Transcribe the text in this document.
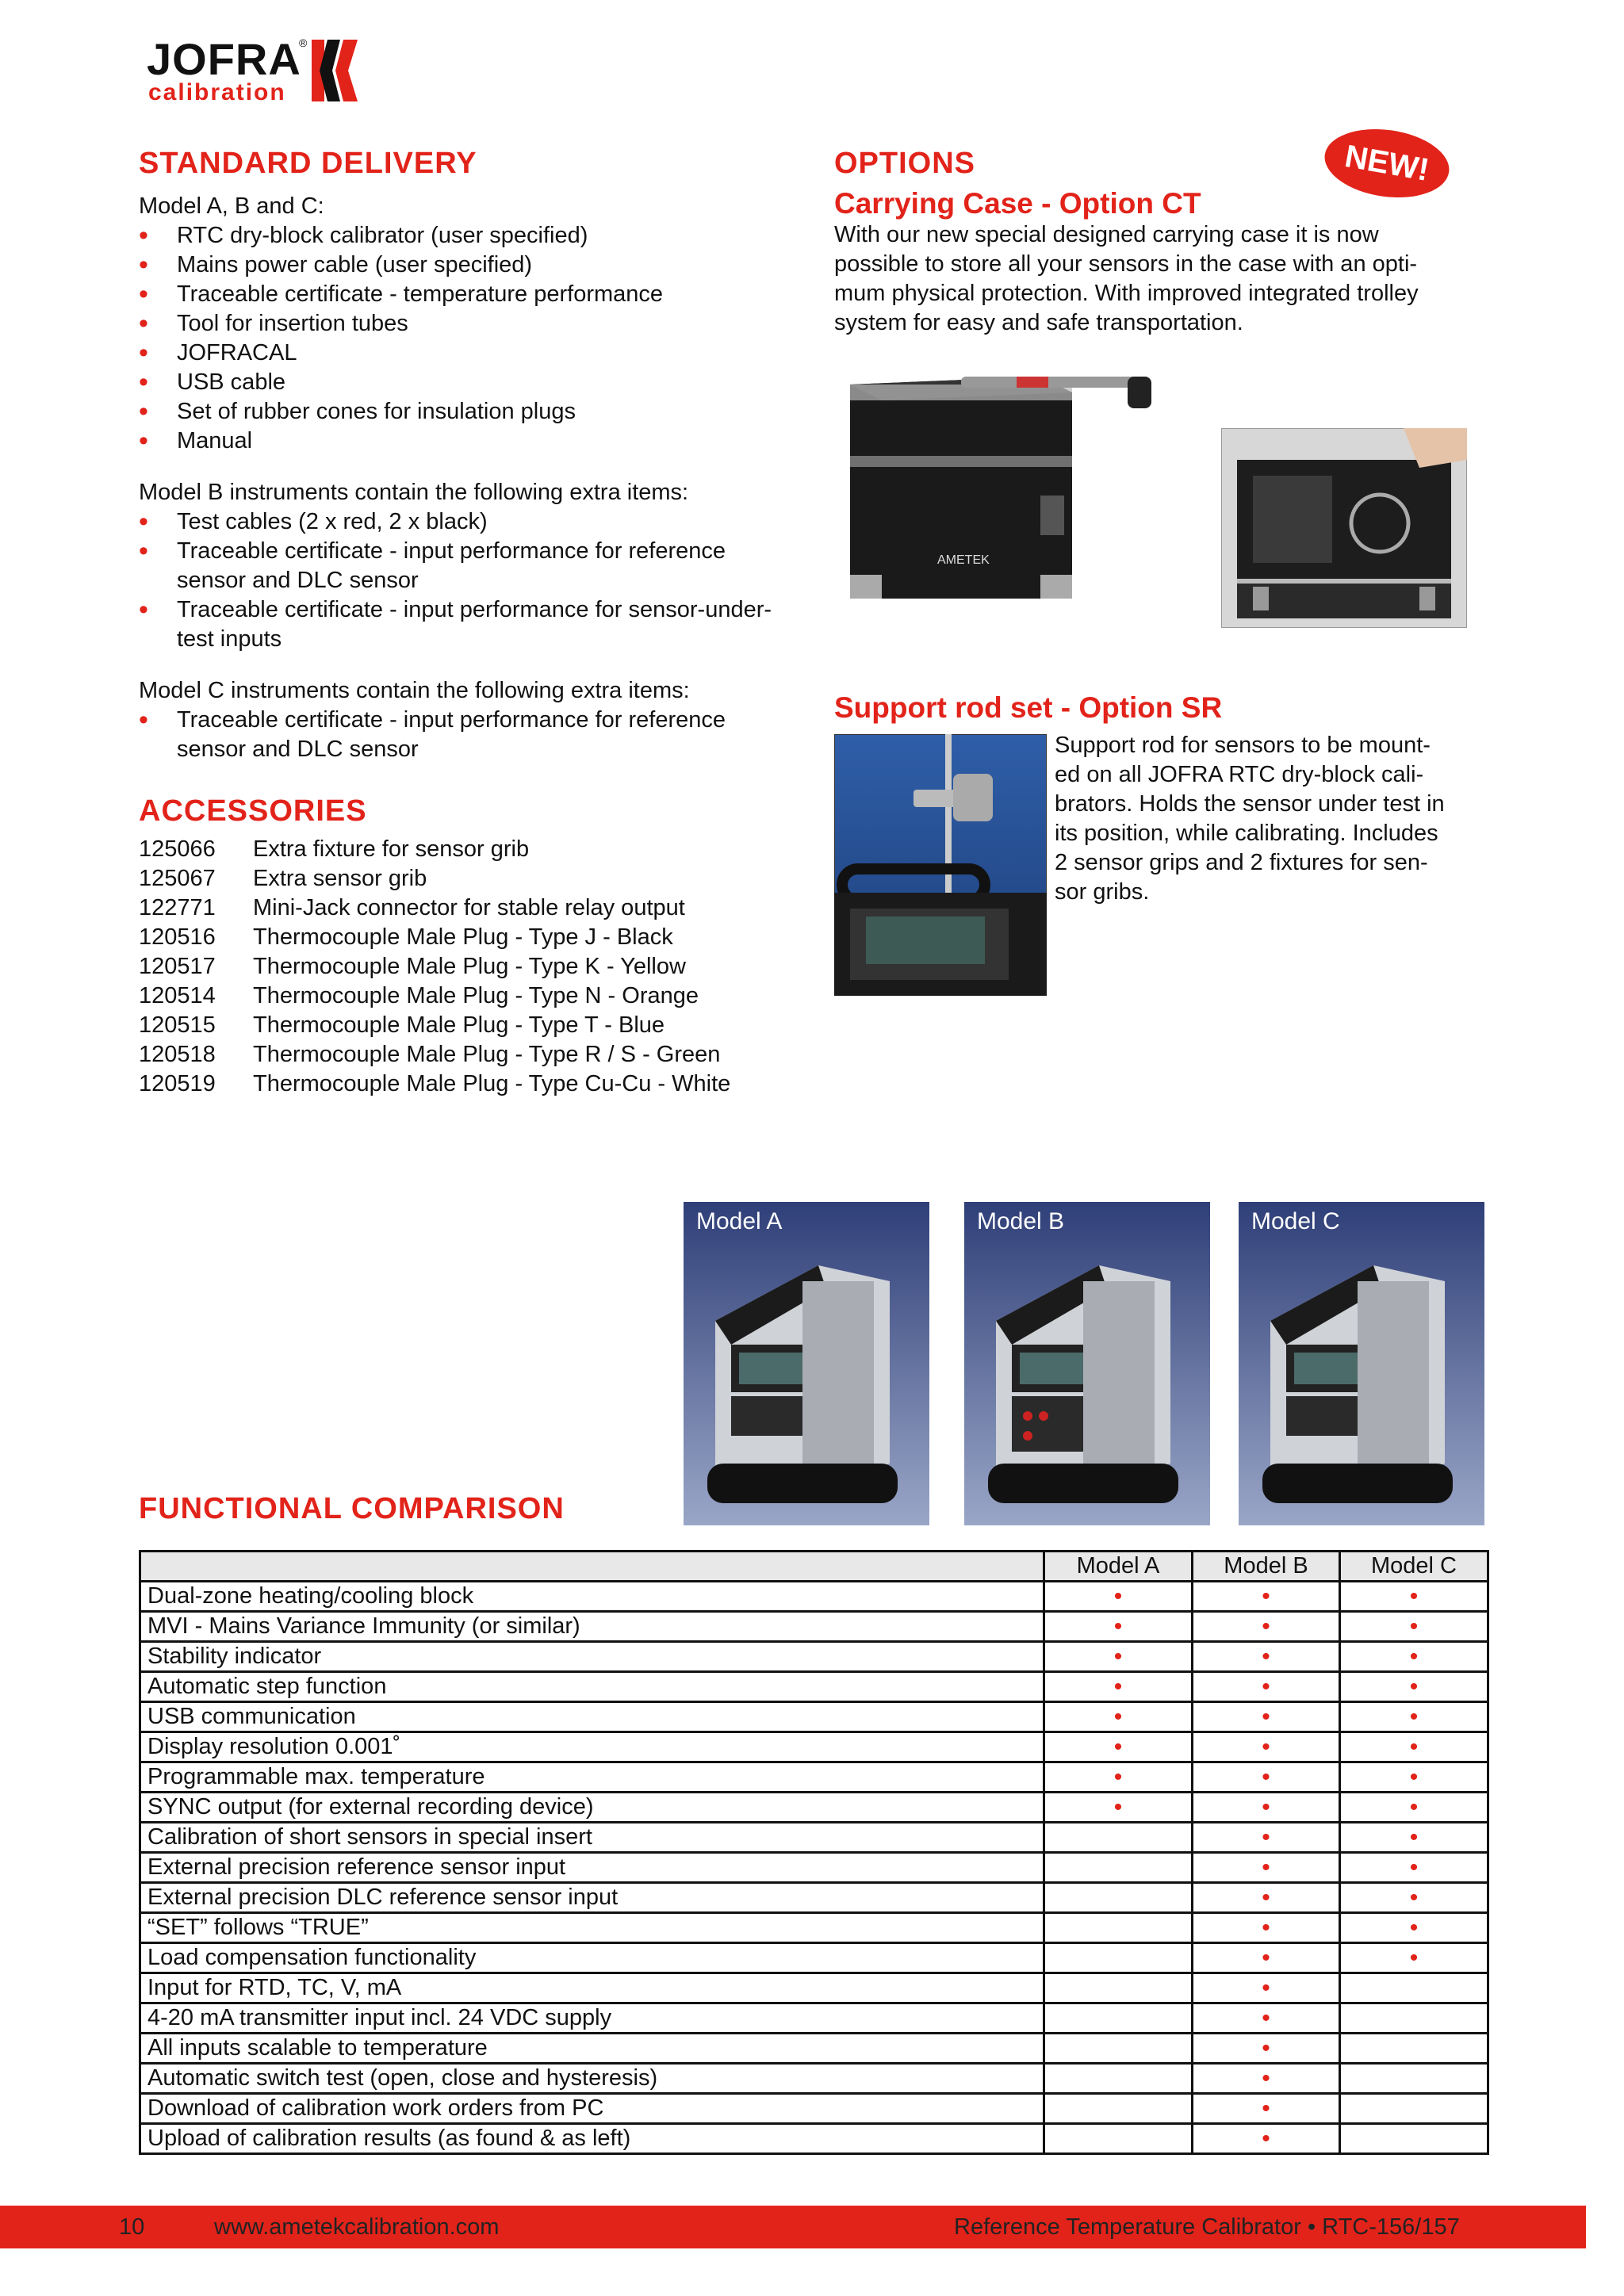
JOFRA
®
calibration
STANDARD DELIVERY
Model A, B and C:
• RTC dry-block calibrator (user specified)
• Mains power cable (user specified)
• Traceable certificate - temperature performance
• Tool for insertion tubes
• JOFRACAL
• USB cable
• Set of rubber cones for insulation plugs
• Manual
Model B instruments contain the following extra items:
• Test cables (2 x red, 2 x black)
• Traceable certificate - input performance for reference sensor and DLC sensor
• Traceable certificate - input performance for sensor-under-test inputs
Model C instruments contain the following extra items:
• Traceable certificate - input performance for reference sensor and DLC sensor
ACCESSORIES
125066	Extra fixture for sensor grib
125067	Extra sensor grib
122771	Mini-Jack connector for stable relay output
120516	Thermocouple Male Plug - Type J - Black
120517	Thermocouple Male Plug - Type K - Yellow
120514	Thermocouple Male Plug - Type N - Orange
120515	Thermocouple Male Plug - Type T - Blue
120518	Thermocouple Male Plug - Type R / S - Green
120519	Thermocouple Male Plug - Type Cu-Cu - White
OPTIONS
Carrying Case - Option CT
With our new special designed carrying case it is now
possible to store all your sensors in the case with an opti-
mum physical protection. With improved integrated trolley
system for easy and safe transportation.
NEW!
AMETEK
Support rod set - Option SR
Support rod for sensors to be mount-
ed on all JOFRA RTC dry-block cali-
brators. Holds the sensor under test in
its position, while calibrating. Includes
2 sensor grips and 2 fixtures for sen-
sor gribs.
Model A	Model B	Model C
FUNCTIONAL COMPARISON
	Model A	Model B	Model C
Dual-zone heating/cooling block	•	•	•
MVI - Mains Variance Immunity (or similar)	•	•	•
Stability indicator	•	•	•
Automatic step function	•	•	•
USB communication	•	•	•
Display resolution 0.001˚	•	•	•
Programmable max. temperature	•	•	•
SYNC output (for external recording device)	•	•	•
Calibration of short sensors in special insert		•	•
External precision reference sensor input		•	•
External precision DLC reference sensor input		•	•
“SET” follows “TRUE”		•	•
Load compensation functionality		•	•
Input for RTD, TC, V, mA		•	
4-20 mA transmitter input incl. 24 VDC supply		•	
All inputs scalable to temperature		•	
Automatic switch test (open, close and hysteresis)		•	
Download of calibration work orders from PC		•	
Upload of calibration results (as found & as left)		•	
10	www.ametekcalibration.com	Reference Temperature Calibrator • RTC-156/157
